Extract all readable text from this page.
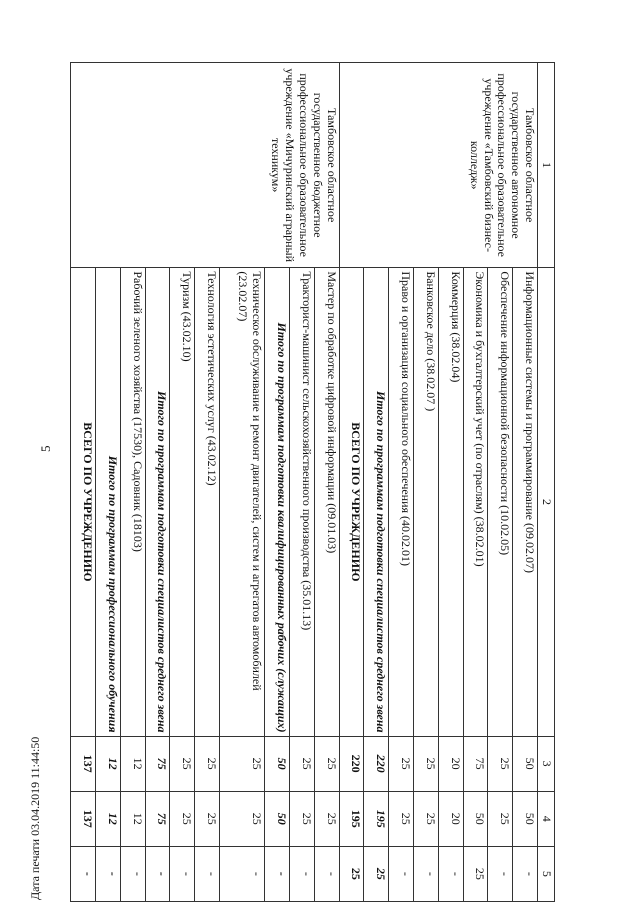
5
1	2	3	4	5
Тамбовское областное государственное автономное профессиональное образовательное учреждение «Тамбовский бизнес-колледж»	Информационные системы и программирование (09.02.07)	50	50	-
	Обеспечение информационной безопасности (10.02.05)	25	25	-
	Экономика и бухгалтерский учет (по отраслям) (38.02.01)	75	50	25
	Коммерция (38.02.04)	20	20	-
	Банковское дело (38.02.07 )	25	25	-
	Право и организация социального обеспечения (40.02.01)	25	25	-
	Итого по программам подготовки специалистов среднего звена	220	195	25
	ВСЕГО ПО УЧРЕЖДЕНИЮ	220	195	25
Тамбовское областное государственное бюджетное профессиональное образовательное учреждение «Мичуринский аграрный техникум»	Мастер по обработке цифровой информации (09.01.03)	25	25	-
	Тракторист-машинист сельскохозяйственного производства (35.01.13)	25	25	-
	Итого по программам подготовки квалифицированных рабочих (служащих)	50	50	-
	Техническое обслуживание и ремонт двигателей, систем и агрегатов автомобилей (23.02.07)	25	25	-
	Технология эстетических услуг (43.02.12)	25	25	-
	Туризм (43.02.10)	25	25	-
	Итого по программам подготовки специалистов среднего звена	75	75	-
	Рабочий зеленого хозяйства (17530), Садовник (18103)	12	12	-
	Итого по программам профессионального обучения	12	12	-
	ВСЕГО ПО УЧРЕЖДЕНИЮ	137	137	-
Дата печати 03.04.2019 11:44:50
